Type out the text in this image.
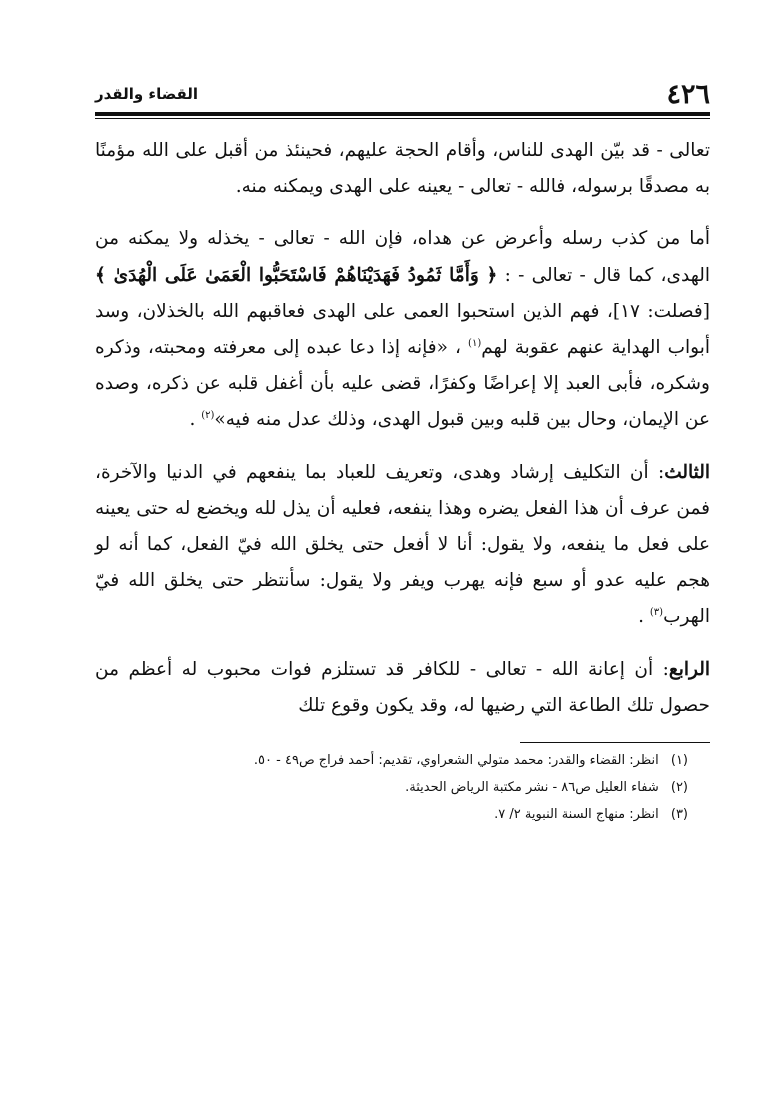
٤٢٦
القضاء والقدر

تعالى - قد بيّن الهدى للناس، وأقام الحجة عليهم، فحينئذ من أقبل على الله مؤمنًا به مصدقًا برسوله، فالله - تعالى - يعينه على الهدى ويمكنه منه.

أما من كذب رسله وأعرض عن هداه، فإن الله - تعالى - يخذله ولا يمكنه من الهدى، كما قال - تعالى - : ﴿ وَأَمَّا ثَمُودُ فَهَدَيْنَاهُمْ فَاسْتَحَبُّوا الْعَمَىٰ عَلَى الْهُدَىٰ ﴾ [فصلت: ١٧]، فهم الذين استحبوا العمى على الهدى فعاقبهم الله بالخذلان، وسد أبواب الهداية عنهم عقوبة لهم$^{(١)}$ ، «فإنه إذا دعا عبده إلى معرفته ومحبته، وذكره وشكره، فأبى العبد إلا إعراضًا وكفرًا، قضى عليه بأن أغفل قلبه عن ذكره، وصده عن الإيمان، وحال بين قلبه وبين قبول الهدى، وذلك عدل منه فيه»$^{(٢)}$ .

الثالث: أن التكليف إرشاد وهدى، وتعريف للعباد بما ينفعهم في الدنيا والآخرة، فمن عرف أن هذا الفعل يضره وهذا ينفعه، فعليه أن يذل لله ويخضع له حتى يعينه على فعل ما ينفعه، ولا يقول: أنا لا أفعل حتى يخلق الله فيّ الفعل، كما أنه لو هجم عليه عدو أو سبع فإنه يهرب ويفر ولا يقول: سأنتظر حتى يخلق الله فيّ الهرب$^{(٣)}$ .

الرابع: أن إعانة الله - تعالى - للكافر قد تستلزم فوات محبوب له أعظم من حصول تلك الطاعة التي رضيها له، وقد يكون وقوع تلك

(١) انظر: القضاء والقدر: محمد متولي الشعراوي، تقديم: أحمد فراج ص٤٩ - ٥٠.
(٢) شفاء العليل ص٨٦ - نشر مكتبة الرياض الحديثة.
(٣) انظر: منهاج السنة النبوية ٢/ ٧.
